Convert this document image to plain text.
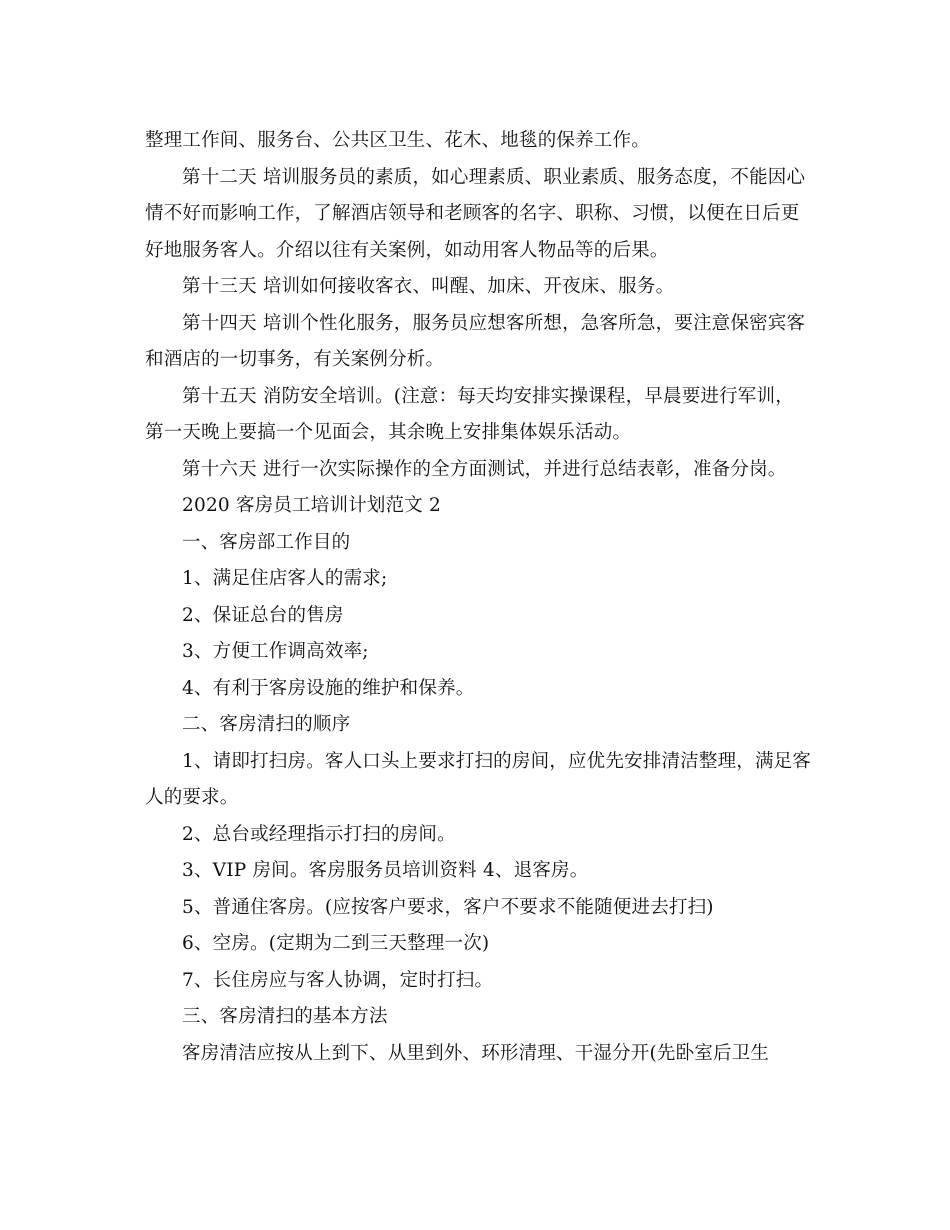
整理工作间、服务台、公共区卫生、花木、地毯的保养工作。

第十二天 培训服务员的素质，如心理素质、职业素质、服务态度，不能因心

情不好而影响工作，了解酒店领导和老顾客的名字、职称、习惯，以便在日后更

好地服务客人。介绍以往有关案例，如动用客人物品等的后果。

第十三天 培训如何接收客衣、叫醒、加床、开夜床、服务。

第十四天 培训个性化服务，服务员应想客所想，急客所急，要注意保密宾客

和酒店的一切事务，有关案例分析。

第十五天 消防安全培训。(注意：每天均安排实操课程，早晨要进行军训，

第一天晚上要搞一个见面会，其余晚上安排集体娱乐活动。

第十六天 进行一次实际操作的全方面测试，并进行总结表彰，准备分岗。

2020 客房员工培训计划范文 2

一、客房部工作目的

1、满足住店客人的需求;

2、保证总台的售房

3、方便工作调高效率;

4、有利于客房设施的维护和保养。

二、客房清扫的顺序

1、请即打扫房。客人口头上要求打扫的房间，应优先安排清洁整理，满足客

人的要求。

2、总台或经理指示打扫的房间。

3、VIP 房间。客房服务员培训资料 4、退客房。

5、普通住客房。(应按客户要求，客户不要求不能随便进去打扫)

6、空房。(定期为二到三天整理一次)

7、长住房应与客人协调，定时打扫。

三、客房清扫的基本方法

客房清洁应按从上到下、从里到外、环形清理、干湿分开(先卧室后卫生
